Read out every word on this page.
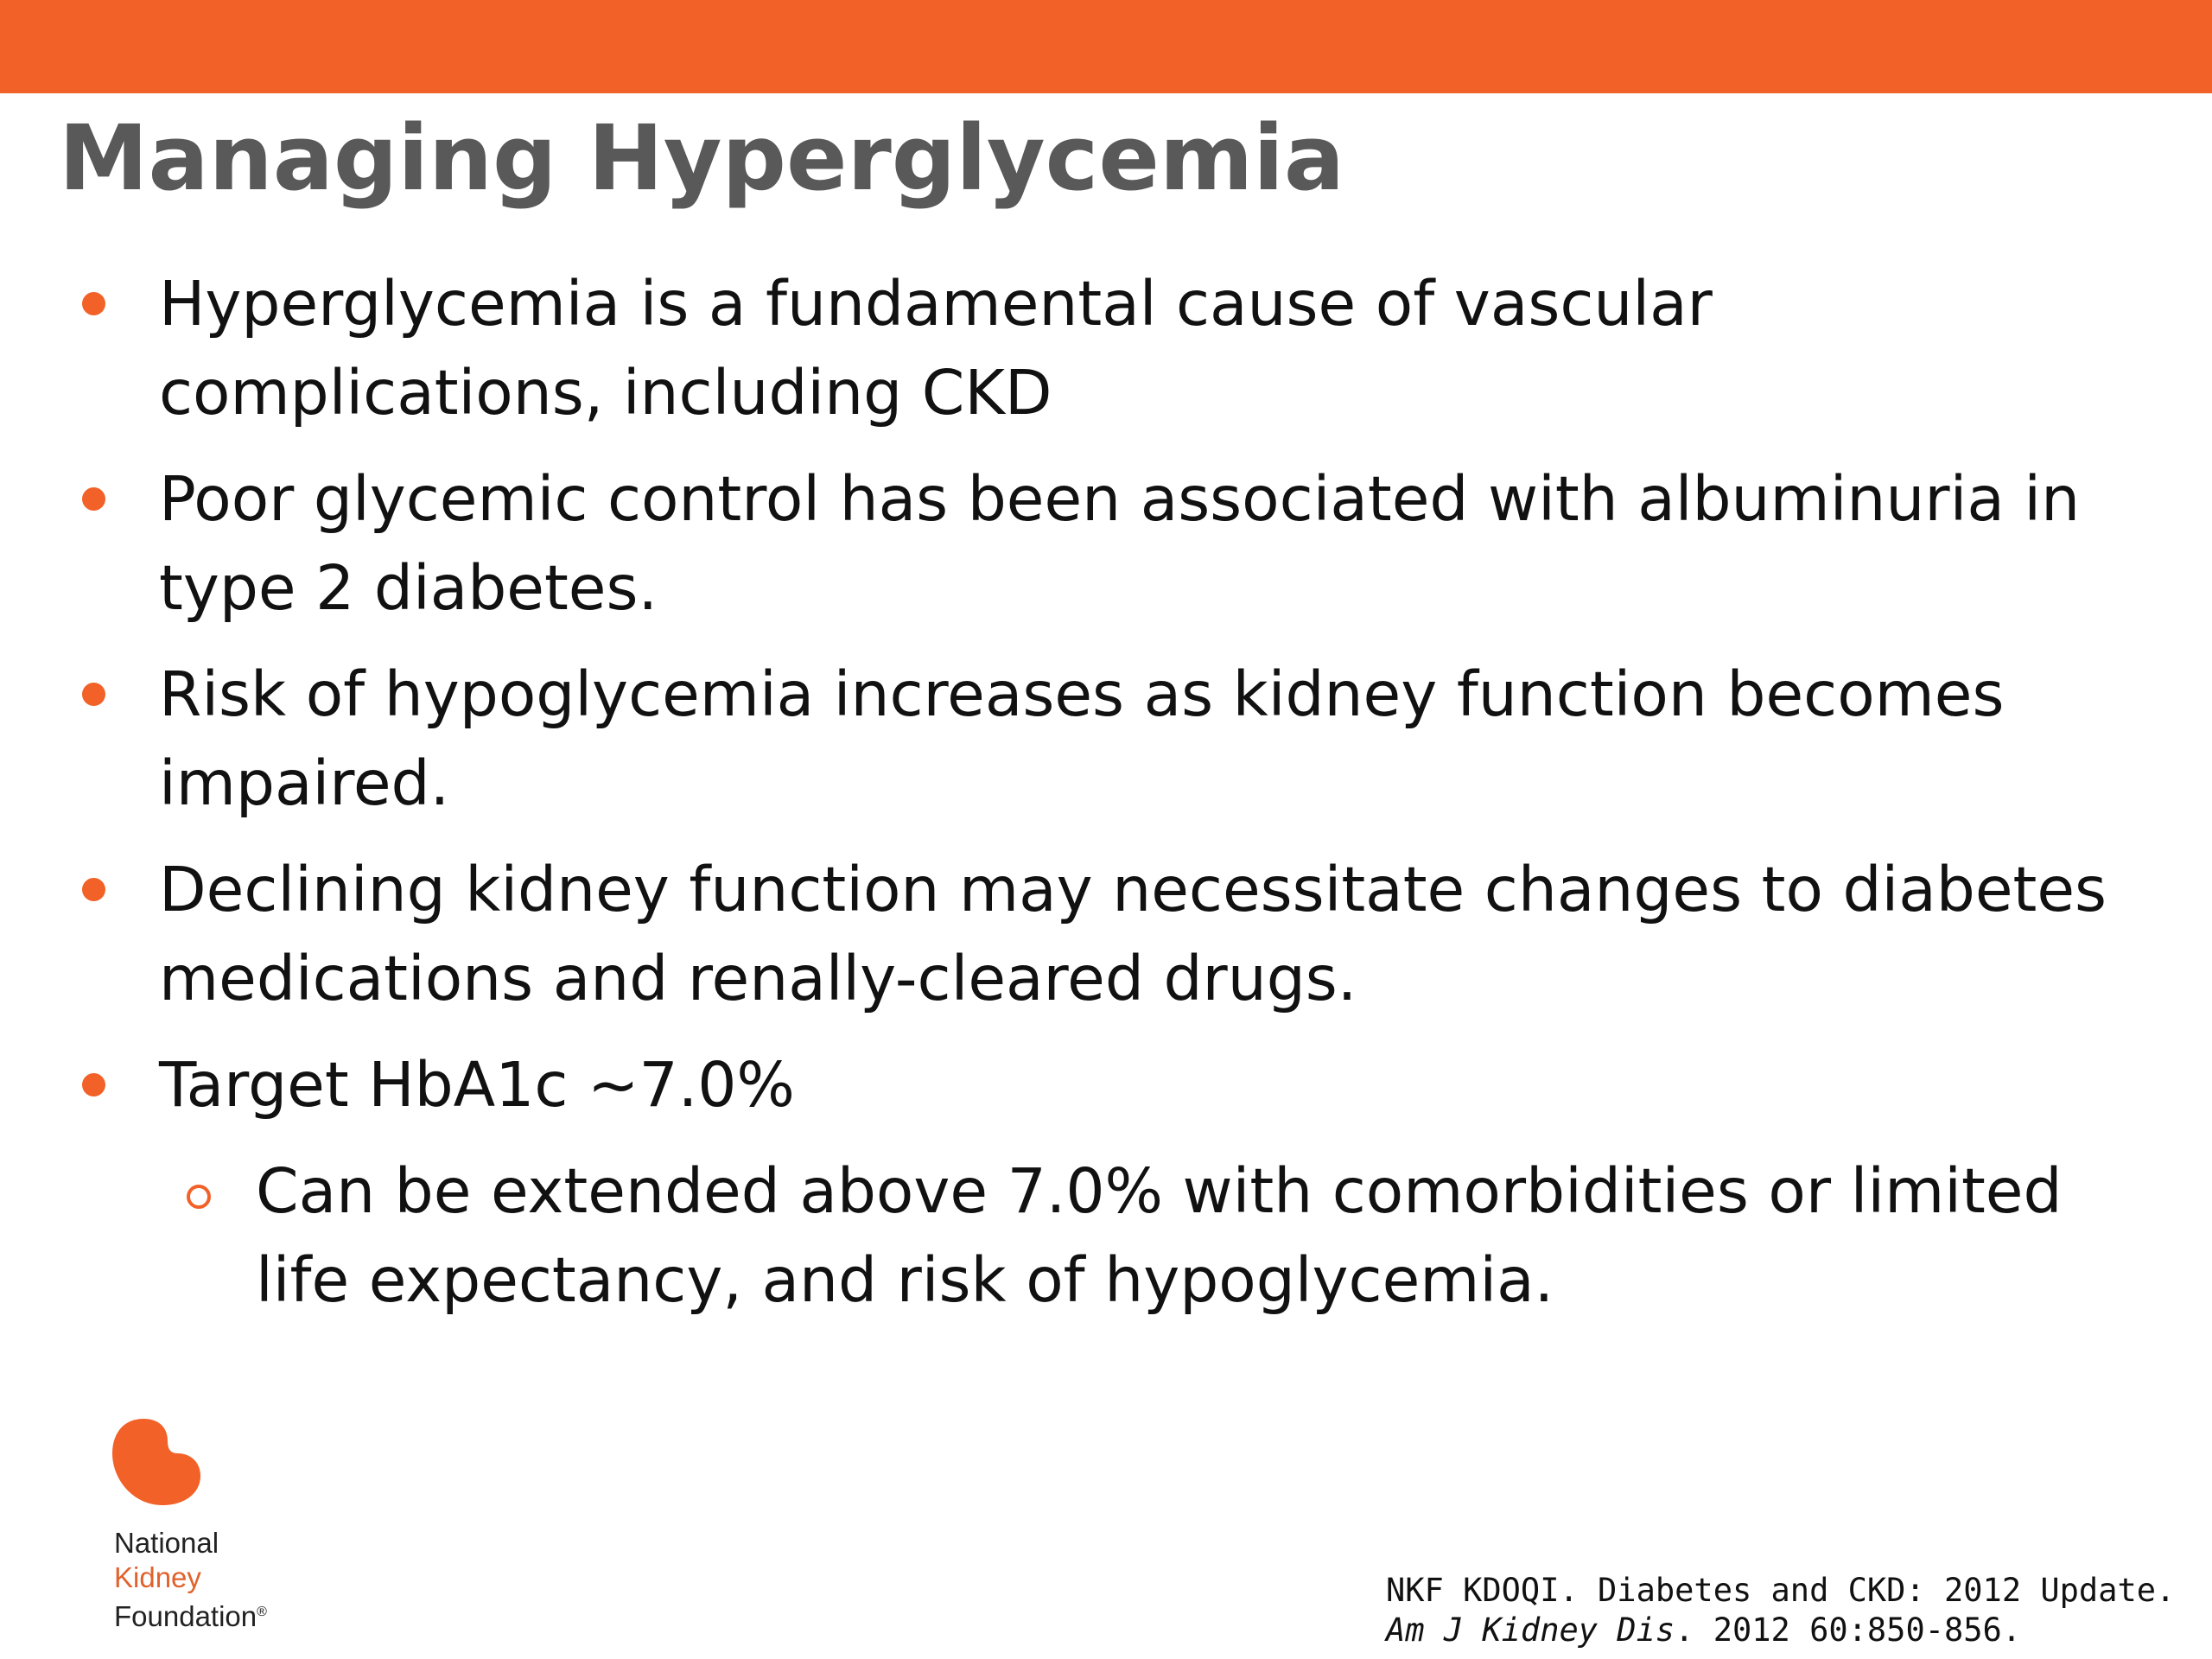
Managing Hyperglycemia
Hyperglycemia is a fundamental cause of vascular complications, including CKD
Poor glycemic control has been associated with albuminuria in type 2 diabetes.
Risk of hypoglycemia increases as kidney function becomes impaired.
Declining kidney function may necessitate changes to diabetes medications and renally-cleared drugs.
Target HbA1c ~7.0%
Can be extended above 7.0% with comorbidities or limited life expectancy, and risk of hypoglycemia.
National
Kidney
Foundation®
NKF KDOQI. Diabetes and CKD: 2012 Update.
Am J Kidney Dis. 2012 60:850-856.
